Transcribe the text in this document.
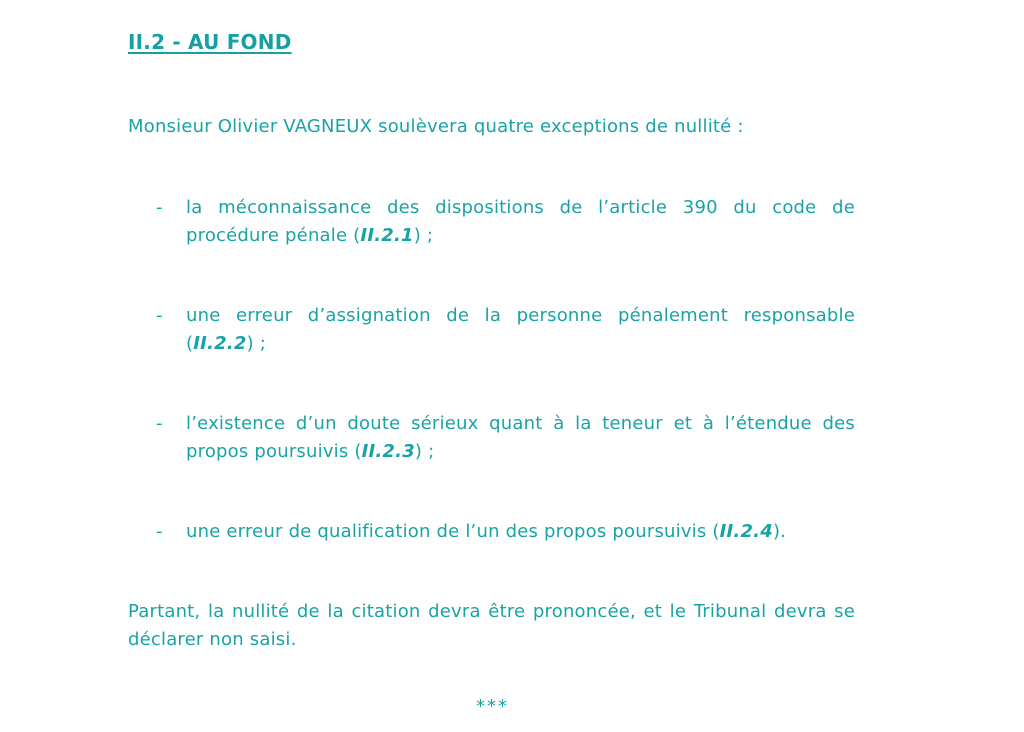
II.2 - AU FOND

Monsieur Olivier VAGNEUX soulèvera quatre exceptions de nullité :

- la méconnaissance des dispositions de l’article 390 du code de procédure pénale (II.2.1) ;
- une erreur d’assignation de la personne pénalement responsable (II.2.2) ;
- l’existence d’un doute sérieux quant à la teneur et à l’étendue des propos poursuivis (II.2.3) ;
- une erreur de qualification de l’un des propos poursuivis (II.2.4).

Partant, la nullité de la citation devra être prononcée, et le Tribunal devra se déclarer non saisi.

***
